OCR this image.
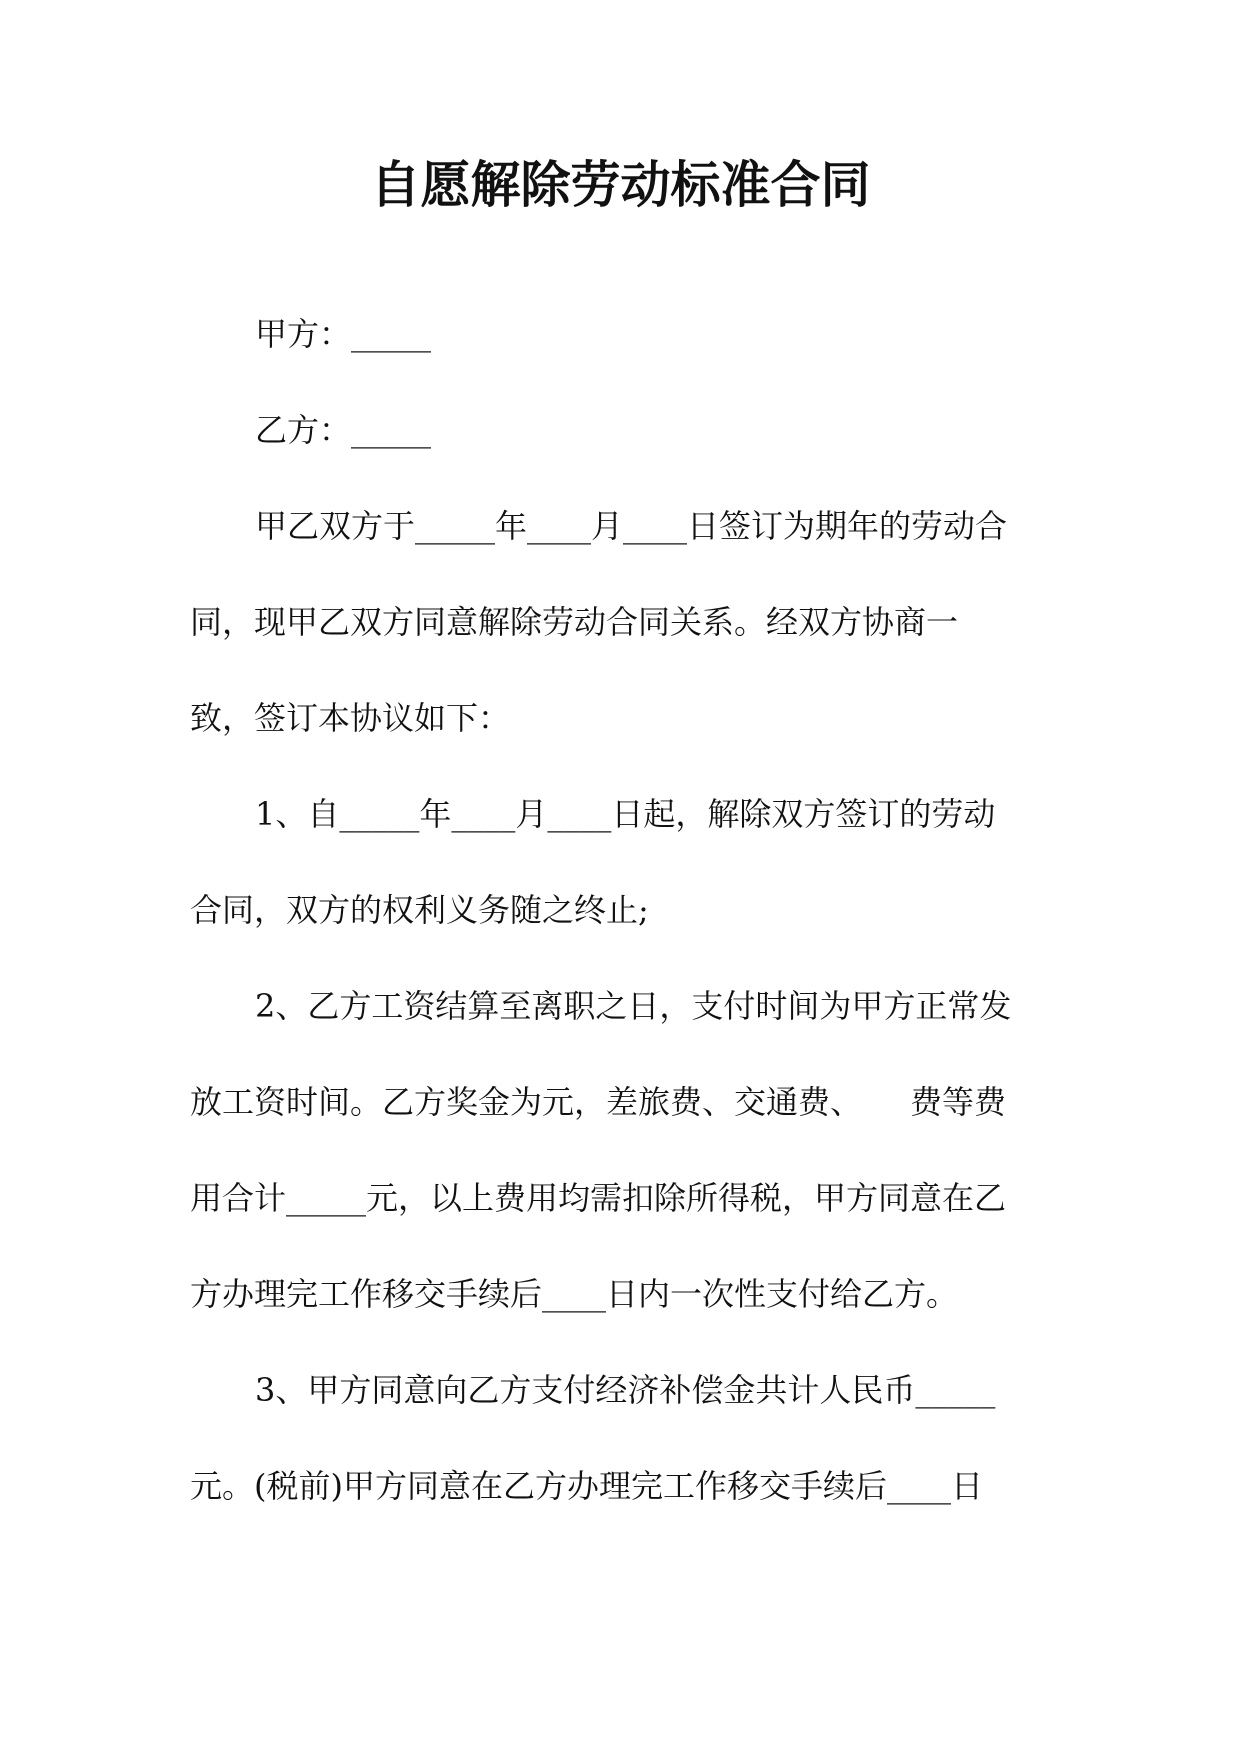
自愿解除劳动标准合同

甲方：_____

乙方：_____

甲乙双方于_____年____月____日签订为期年的劳动合

同，现甲乙双方同意解除劳动合同关系。经双方协商一

致，签订本协议如下：

1、自_____年____月____日起，解除双方签订的劳动

合同，双方的权利义务随之终止;

2、乙方工资结算至离职之日，支付时间为甲方正常发

放工资时间。乙方奖金为元，差旅费、交通费、　　费等费

用合计_____元，以上费用均需扣除所得税，甲方同意在乙

方办理完工作移交手续后____日内一次性支付给乙方。

3、甲方同意向乙方支付经济补偿金共计人民币_____

元。(税前)甲方同意在乙方办理完工作移交手续后____日
